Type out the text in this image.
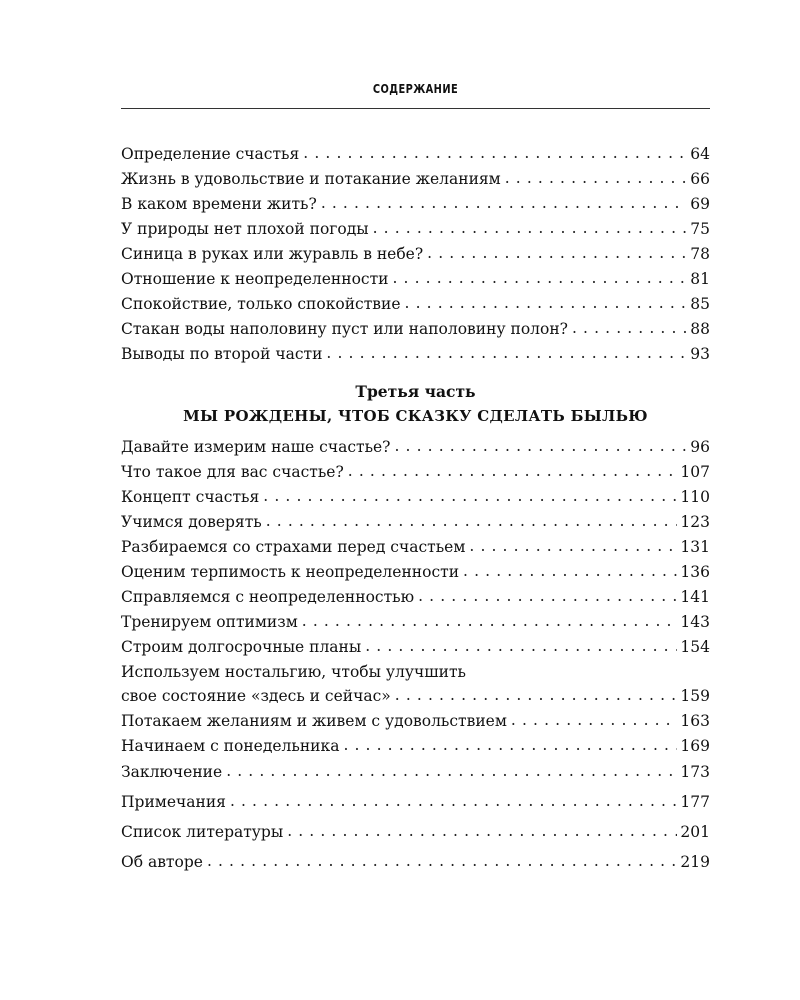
СОДЕРЖАНИЕ
Определение счастья . . .	64
Жизнь в удовольствие и потакание желаниям . . .	66
В каком времени жить? . . .	69
У природы нет плохой погоды . . .	75
Синица в руках или журавль в небе? . . .	78
Отношение к неопределенности . . .	81
Спокойствие, только спокойствие . . .	85
Стакан воды наполовину пуст или наполовину полон? . . .	88
Выводы по второй части . . .	93
Третья часть
МЫ РОЖДЕНЫ, ЧТОБ СКАЗКУ СДЕЛАТЬ БЫЛЬЮ
Давайте измерим наше счастье? . . .	96
Что такое для вас счастье? . . .	107
Концепт счастья . . .	110
Учимся доверять . . .	123
Разбираемся со страхами перед счастьем . . .	131
Оценим терпимость к неопределенности . . .	136
Справляемся с неопределенностью . . .	141
Тренируем оптимизм . . .	143
Строим долгосрочные планы . . .	154
Используем ностальгию, чтобы улучшить
свое состояние «здесь и сейчас» . . .	159
Потакаем желаниям и живем с удовольствием . . .	163
Начинаем с понедельника . . .	169
Заключение . . .	173
Примечания . . .	177
Список литературы . . .	201
Об авторе . . .	219
